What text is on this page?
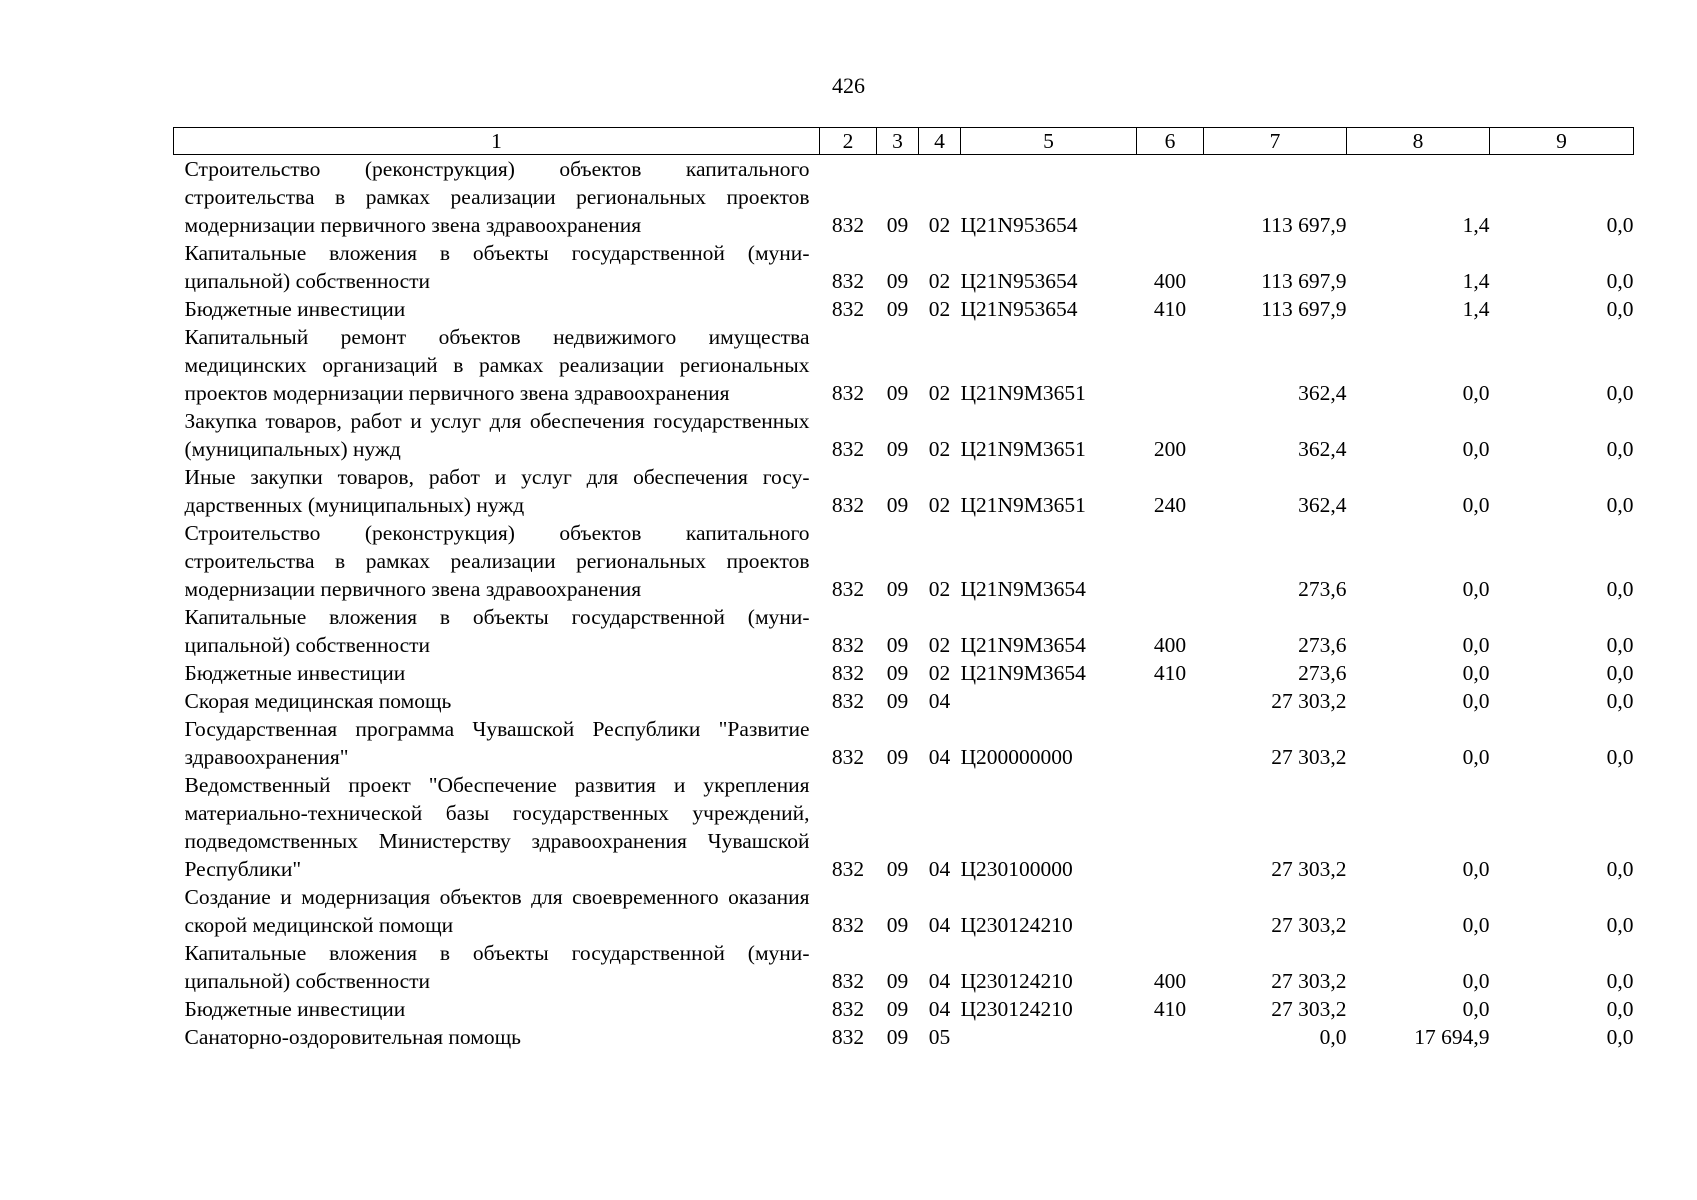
426
1	2	3	4	5	6	7	8	9
Строительство (реконструкция) объектов капитального строительства в рамках реализации региональных проектов модернизации первичного звена здравоохранения	832	09	02	Ц21N953654		113 697,9	1,4	0,0
Капитальные вложения в объекты государственной (муниципальной) собственности	832	09	02	Ц21N953654	400	113 697,9	1,4	0,0
Бюджетные инвестиции	832	09	02	Ц21N953654	410	113 697,9	1,4	0,0
Капитальный ремонт объектов недвижимого имущества медицинских организаций в рамках реализации региональных проектов модернизации первичного звена здравоохранения	832	09	02	Ц21N9M3651		362,4	0,0	0,0
Закупка товаров, работ и услуг для обеспечения государственных (муниципальных) нужд	832	09	02	Ц21N9M3651	200	362,4	0,0	0,0
Иные закупки товаров, работ и услуг для обеспечения государственных (муниципальных) нужд	832	09	02	Ц21N9M3651	240	362,4	0,0	0,0
Строительство (реконструкция) объектов капитального строительства в рамках реализации региональных проектов модернизации первичного звена здравоохранения	832	09	02	Ц21N9M3654		273,6	0,0	0,0
Капитальные вложения в объекты государственной (муниципальной) собственности	832	09	02	Ц21N9M3654	400	273,6	0,0	0,0
Бюджетные инвестиции	832	09	02	Ц21N9M3654	410	273,6	0,0	0,0
Скорая медицинская помощь	832	09	04			27 303,2	0,0	0,0
Государственная программа Чувашской Республики "Развитие здравоохранения"	832	09	04	Ц200000000		27 303,2	0,0	0,0
Ведомственный проект "Обеспечение развития и укрепления материально-технической базы государственных учреждений, подведомственных Министерству здравоохранения Чувашской Республики"	832	09	04	Ц230100000		27 303,2	0,0	0,0
Создание и модернизация объектов для своевременного оказания скорой медицинской помощи	832	09	04	Ц230124210		27 303,2	0,0	0,0
Капитальные вложения в объекты государственной (муниципальной) собственности	832	09	04	Ц230124210	400	27 303,2	0,0	0,0
Бюджетные инвестиции	832	09	04	Ц230124210	410	27 303,2	0,0	0,0
Санаторно-оздоровительная помощь	832	09	05			0,0	17 694,9	0,0
